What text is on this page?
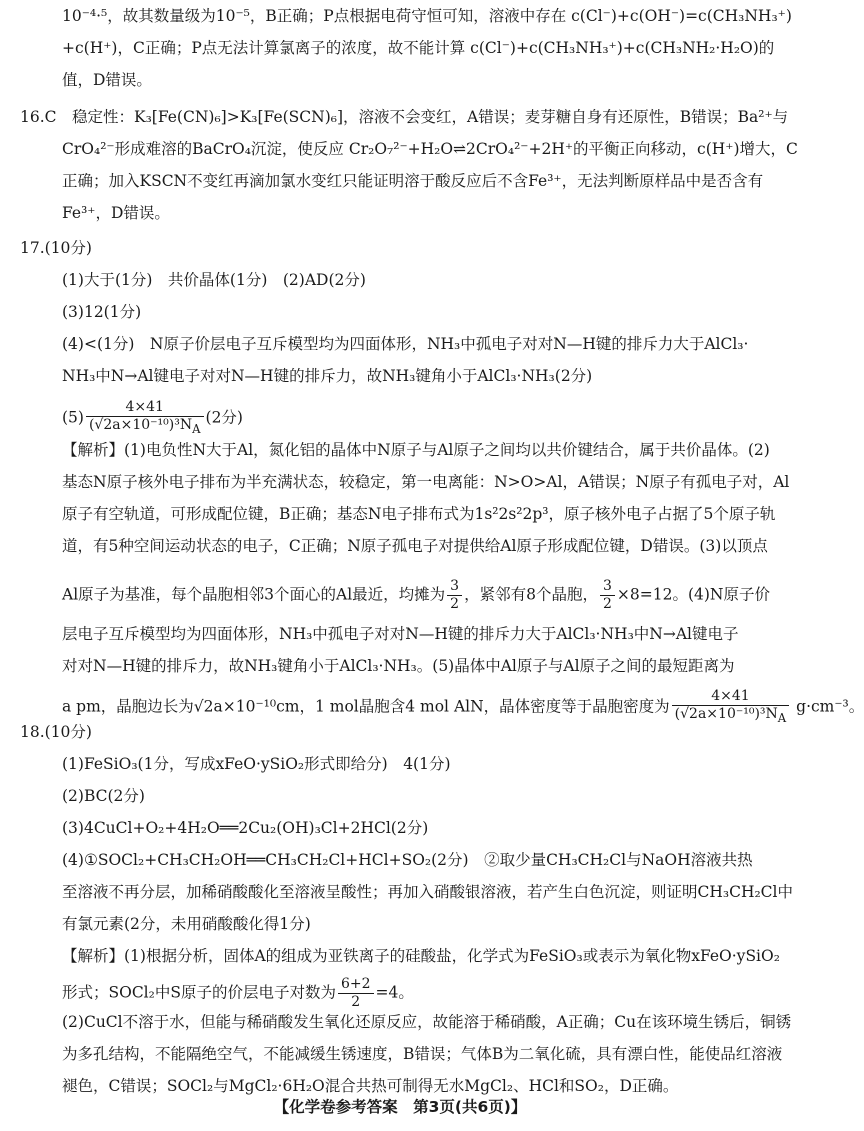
10⁻⁴·⁵，故其数量级为10⁻⁵，B正确；P点根据电荷守恒可知，溶液中存在 c(Cl⁻)+c(OH⁻)=c(CH₃NH₃⁺)
+c(H⁺)，C正确；P点无法计算氯离子的浓度，故不能计算 c(Cl⁻)+c(CH₃NH₃⁺)+c(CH₃NH₂·H₂O)的
值，D错误。
16.C　稳定性：K₃[Fe(CN)₆]>K₃[Fe(SCN)₆]，溶液不会变红，A错误；麦芽糖自身有还原性，B错误；Ba²⁺与
CrO₄²⁻形成难溶的BaCrO₄沉淀，使反应 Cr₂O₇²⁻+H₂O⇌2CrO₄²⁻+2H⁺的平衡正向移动，c(H⁺)增大，C
正确；加入KSCN不变红再滴加氯水变红只能证明溶于酸反应后不含Fe³⁺，无法判断原样品中是否含有
Fe³⁺，D错误。
17.(10分)
(1)大于(1分)　共价晶体(1分)　(2)AD(2分)
(3)12(1分)
(4)<(1分)　N原子价层电子互斥模型均为四面体形，NH₃中孤电子对对N—H键的排斥力大于AlCl₃·
NH₃中N→Al键电子对对N—H键的排斥力，故NH₃键角小于AlCl₃·NH₃(2分)
【解析】(1)电负性N大于Al，氮化铝的晶体中N原子与Al原子之间均以共价键结合，属于共价晶体。(2)
基态N原子核外电子排布为半充满状态，较稳定，第一电离能：N>O>Al，A错误；N原子有孤电子对，Al
原子有空轨道，可形成配位键，B正确；基态N电子排布式为1s²2s²2p³，原子核外电子占据了5个原子轨
道，有5种空间运动状态的电子，C正确；N原子孤电子对提供给Al原子形成配位键，D错误。(3)以顶点
层电子互斥模型均为四面体形，NH₃中孤电子对对N—H键的排斥力大于AlCl₃·NH₃中N→Al键电子
对对N—H键的排斥力，故NH₃键角小于AlCl₃·NH₃。(5)晶体中Al原子与Al原子之间的最短距离为
18.(10分)
(1)FeSiO₃(1分，写成xFeO·ySiO₂形式即给分)　4(1分)
(2)BC(2分)
(3)4CuCl+O₂+4H₂O══2Cu₂(OH)₃Cl+2HCl(2分)
(4)①SOCl₂+CH₃CH₂OH══CH₃CH₂Cl+HCl+SO₂(2分)　②取少量CH₃CH₂Cl与NaOH溶液共热
至溶液不再分层，加稀硝酸酸化至溶液呈酸性；再加入硝酸银溶液，若产生白色沉淀，则证明CH₃CH₂Cl中
有氯元素(2分，未用硝酸酸化得1分)
【解析】(1)根据分析，固体A的组成为亚铁离子的硅酸盐，化学式为FeSiO₃或表示为氧化物xFeO·ySiO₂
(2)CuCl不溶于水，但能与稀硝酸发生氧化还原反应，故能溶于稀硝酸，A正确；Cu在该环境生锈后，铜锈
为多孔结构，不能隔绝空气，不能减缓生锈速度，B错误；气体B为二氧化硫，具有漂白性，能使品红溶液
褪色，C错误；SOCl₂与MgCl₂·6H₂O混合共热可制得无水MgCl₂、HCl和SO₂，D正确。
$(5) \frac{4\times 41}{(√2a\times 10^{-10})^3N_A} (2$分)
Al原子为基准，每个晶胞相邻3个面心的Al最近，均摊为 $\frac{3}{2}$ ，紧邻有8个晶胞， $\frac{3}{2} \times 8=12$。(4)N原子价
a pm，晶胞边长为√2a×10⁻¹⁰cm，1 mol晶胞含4 mol AlN，晶体密度等于晶胞密度为 $\frac{4\times 41}{(√2a\times 10^{-10})^3N_A} g\cdot cm^{-3}$。
形式；SOCl₂中S原子的价层电子对数为 $\frac{6+2}{2} =4$。
【化学卷参考答案　第3页(共6页)】
